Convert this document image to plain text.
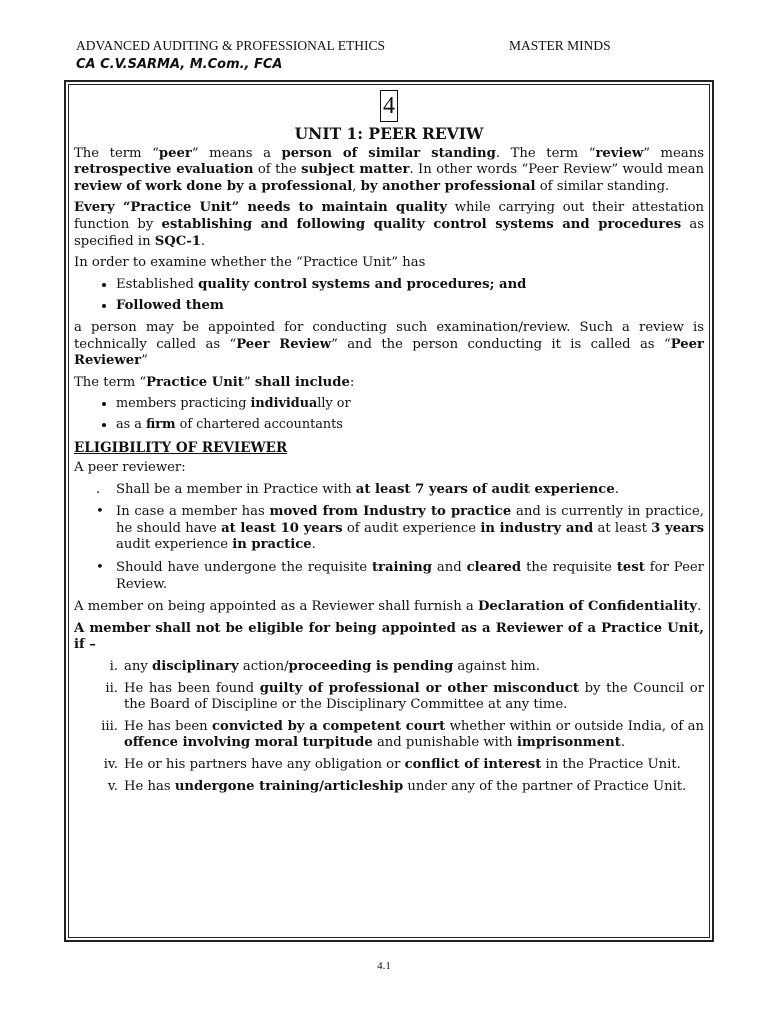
ADVANCED AUDITING & PROFESSIONAL ETHICS	MASTER MINDS
CA C.V.SARMA, M.Com., FCA
4
UNIT 1: PEER REVIW

The term “peer” means a person of similar standing. The term “review” means retrospective evaluation of the subject matter. In other words “Peer Review” would mean review of work done by a professional, by another professional of similar standing.

Every “Practice Unit” needs to maintain quality while carrying out their attestation function by establishing and following quality control systems and procedures as specified in SQC-1.

In order to examine whether the “Practice Unit” has

• Established quality control systems and procedures; and
• Followed them

a person may be appointed for conducting such examination/review. Such a review is technically called as “Peer Review” and the person conducting it is called as “Peer Reviewer”

The term “Practice Unit” shall include:

• members practicing individually or
• as a firm of chartered accountants
ELIGIBILITY OF REVIEWER

A peer reviewer:

.	Shall be a member in Practice with at least 7 years of audit experience.
• In case a member has moved from Industry to practice and is currently in practice, he should have at least 10 years of audit experience in industry and at least 3 years audit experience in practice.
• Should have undergone the requisite training and cleared the requisite test for Peer Review.

A member on being appointed as a Reviewer shall furnish a Declaration of Confidentiality.

A member shall not be eligible for being appointed as a Reviewer of a Practice Unit, if –

i. any disciplinary action/proceeding is pending against him.
ii. He has been found guilty of professional or other misconduct by the Council or the Board of Discipline or the Disciplinary Committee at any time.
iii. He has been convicted by a competent court whether within or outside India, of an offence involving moral turpitude and punishable with imprisonment.
iv. He or his partners have any obligation or conflict of interest in the Practice Unit.
v. He has undergone training/articleship under any of the partner of Practice Unit.
4.1
